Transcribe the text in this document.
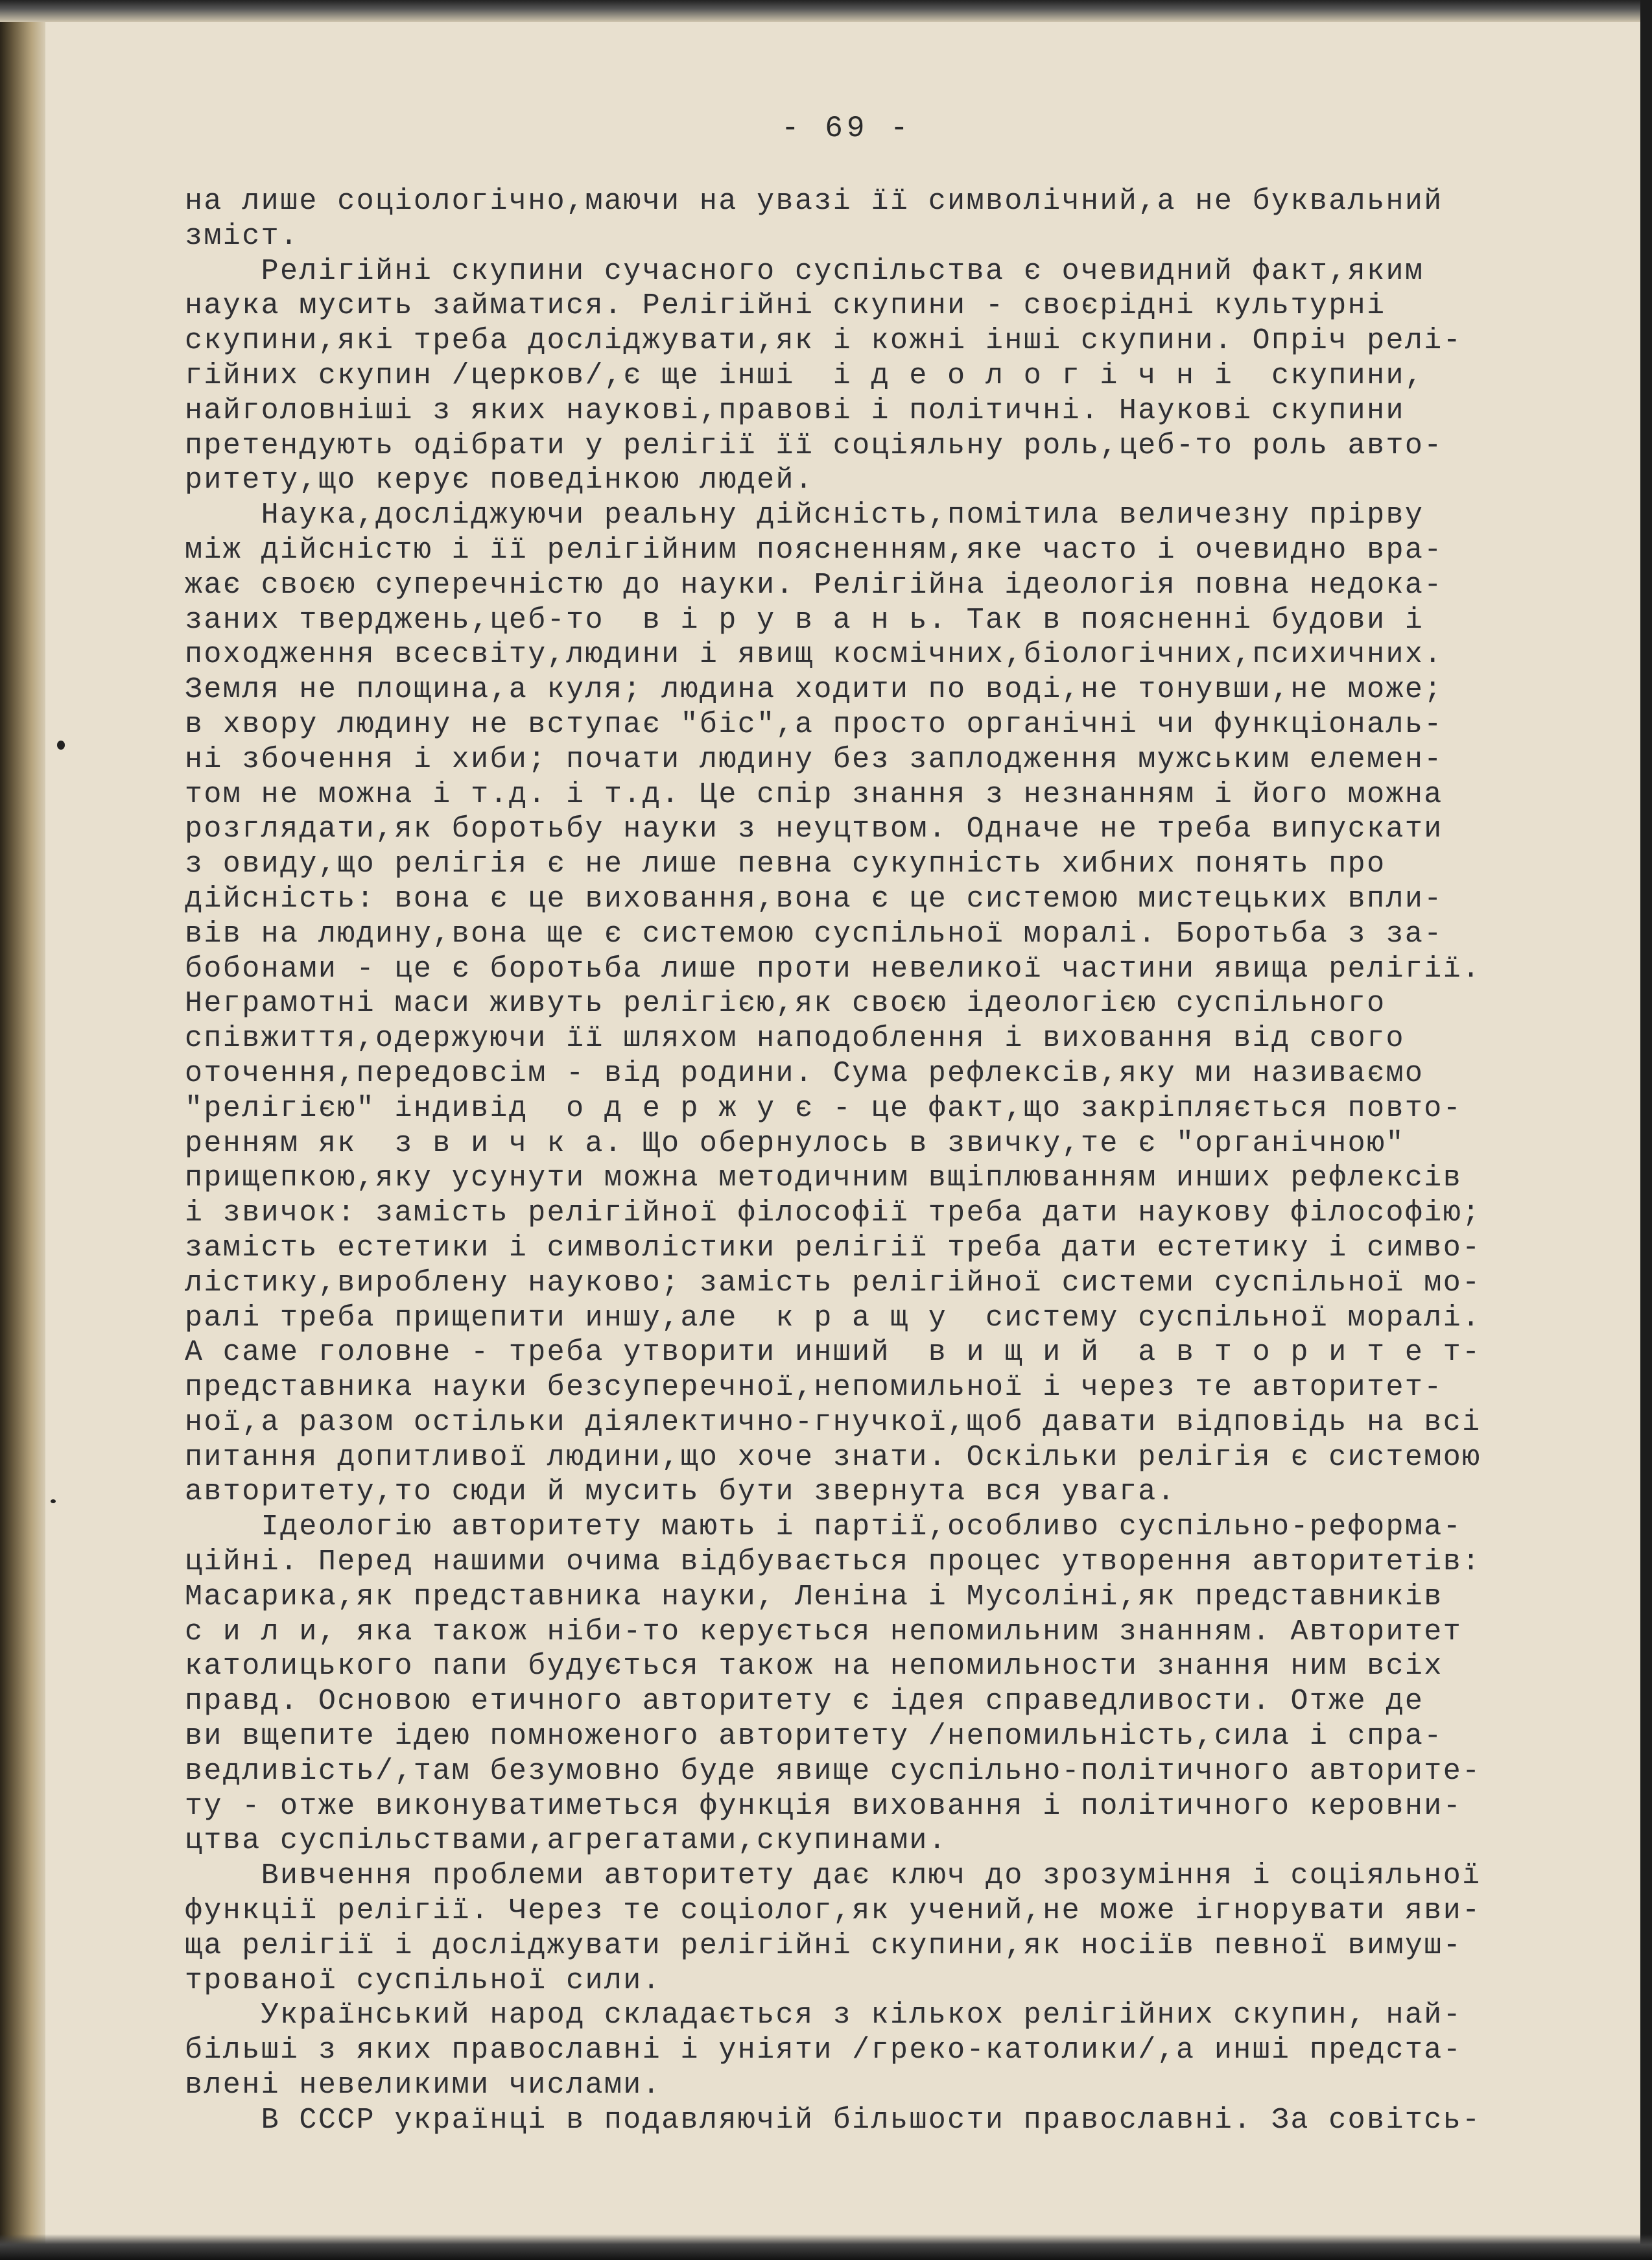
- 69 -
на лише соціологічно,маючи на увазі її символічний,а не буквальний
зміст.
Релігійні скупини сучасного суспільства є очевидний факт,яким
наука мусить займатися. Релігійні скупини - своєрідні культурні
скупини,які треба досліджувати,як і кожні інші скупини. Опріч релі-
гійних скупин /церков/,є ще інші  і д е о л о г і ч н і  скупини,
найголовніші з яких наукові,правові і політичні. Наукові скупини
претендують одібрати у релігії її соціяльну роль,цеб-то роль авто-
ритету,що керує поведінкою людей.
Наука,досліджуючи реальну дійсність,помітила величезну прірву
між дійсністю і її релігійним поясненням,яке часто і очевидно вра-
жає своєю суперечністю до науки. Релігійна ідеологія повна недока-
заних тверджень,цеб-то  в і р у в а н ь. Так в поясненні будови і
походження всесвіту,людини і явищ космічних,біологічних,психичних.
Земля не площина,а куля; людина ходити по воді,не тонувши,не може;
в хвору людину не вступає "біс",а просто органічні чи функціональ-
ні збочення і хиби; почати людину без заплодження мужським елемен-
том не можна і т.д. і т.д. Це спір знання з незнанням і його можна
розглядати,як боротьбу науки з неуцтвом. Одначе не треба випускати
з овиду,що релігія є не лише певна сукупність хибних понять про
дійсність: вона є це виховання,вона є це системою мистецьких впли-
вів на людину,вона ще є системою суспільної моралі. Боротьба з за-
бобонами - це є боротьба лише проти невеликої частини явища релігії.
Неграмотні маси живуть релігією,як своєю ідеологією суспільного
співжиття,одержуючи її шляхом наподоблення і виховання від свого
оточення,передовсім - від родини. Сума рефлексів,яку ми називаємо
"релігією" індивід  о д е р ж у є - це факт,що закріпляється повто-
ренням як  з в и ч к а. Що обернулось в звичку,те є "органічною"
прищепкою,яку усунути можна методичним вщіплюванням инших рефлексів
і звичок: замість релігійної філософії треба дати наукову філософію;
замість естетики і символістики релігії треба дати естетику і симво-
лістику,вироблену науково; замість релігійної системи суспільної мо-
ралі треба прищепити иншу,але  к р а щ у  систему суспільної моралі.
А саме головне - треба утворити инший  в и щ и й  а в т о р и т е т-
представника науки безсуперечної,непомильної і через те авторитет-
ної,а разом остільки діялектично-гнучкої,щоб давати відповідь на всі
питання допитливої людини,що хоче знати. Оскільки релігія є системою
авторитету,то сюди й мусить бути звернута вся увага.
Ідеологію авторитету мають і партії,особливо суспільно-реформа-
ційні. Перед нашими очима відбувається процес утворення авторитетів:
Масарика,як представника науки, Леніна і Мусоліні,як представників
с и л и, яка також ніби-то керується непомильним знанням. Авторитет
католицького папи будується також на непомильности знання ним всіх
правд. Основою етичного авторитету є ідея справедливости. Отже де
ви вщепите ідею помноженого авторитету /непомильність,сила і спра-
ведливість/,там безумовно буде явище суспільно-політичного авторите-
ту - отже виконуватиметься функція виховання і політичного керовни-
цтва суспільствами,агрегатами,скупинами.
Вивчення проблеми авторитету дає ключ до зрозуміння і соціяльної
функції релігії. Через те соціолог,як учений,не може ігнорувати яви-
ща релігії і досліджувати релігійні скупини,як носіїв певної вимуш-
трованої суспільної сили.
Український народ складається з кількох релігійних скупин, най-
більші з яких православні і уніяти /греко-католики/,а инші предста-
влені невеликими числами.
В СССР українці в подавляючій більшости православні. За совітсь-
